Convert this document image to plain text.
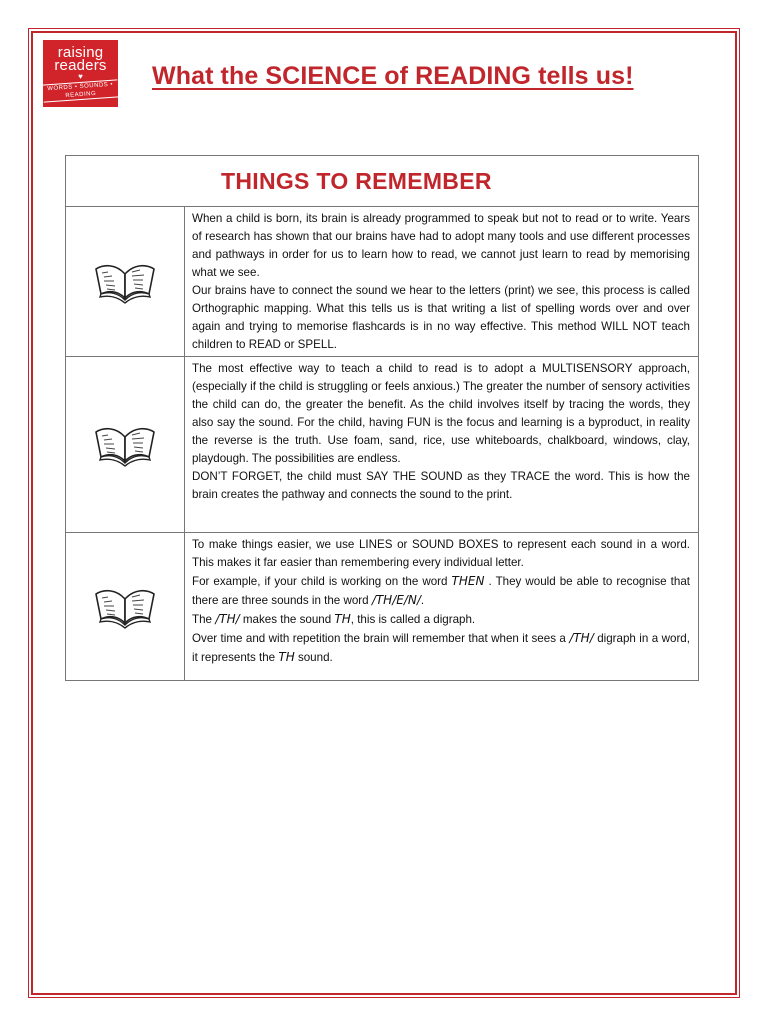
raising
readers
♥
WORDS • SOUNDS • READING
What the SCIENCE of READING tells us!
THINGS TO REMEMBER

When a child is born, its brain is already programmed to speak but not to read or to write. Years of research has shown that our brains have had to adopt many tools and use different processes and pathways in order for us to learn how to read, we cannot just learn to read by memorising what we see.

Our brains have to connect the sound we hear to the letters (print) we see, this process is called Orthographic mapping. What this tells us is that writing a list of spelling words over and over again and trying to memorise flashcards is in no way effective. This method WILL NOT teach children to READ or SPELL.

The most effective way to teach a child to read is to adopt a MULTISENSORY approach, (especially if the child is struggling or feels anxious.) The greater the number of sensory activities the child can do, the greater the benefit. As the child involves itself by tracing the words, they also say the sound. For the child, having FUN is the focus and learning is a byproduct, in reality the reverse is the truth. Use foam, sand, rice, use whiteboards, chalkboard, windows, clay, playdough. The possibilities are endless.

DON’T FORGET, the child must SAY THE SOUND as they TRACE the word. This is how the brain creates the pathway and connects the sound to the print.

To make things easier, we use LINES or SOUND BOXES to represent each sound in a word. This makes it far easier than remembering every individual letter.

For example, if your child is working on the word THEN . They would be able to recognise that there are three sounds in the word /TH/E/N/.

The /TH/ makes the sound TH, this is called a digraph.

Over time and with repetition the brain will remember that when it sees a /TH/ digraph in a word, it represents the TH sound.
